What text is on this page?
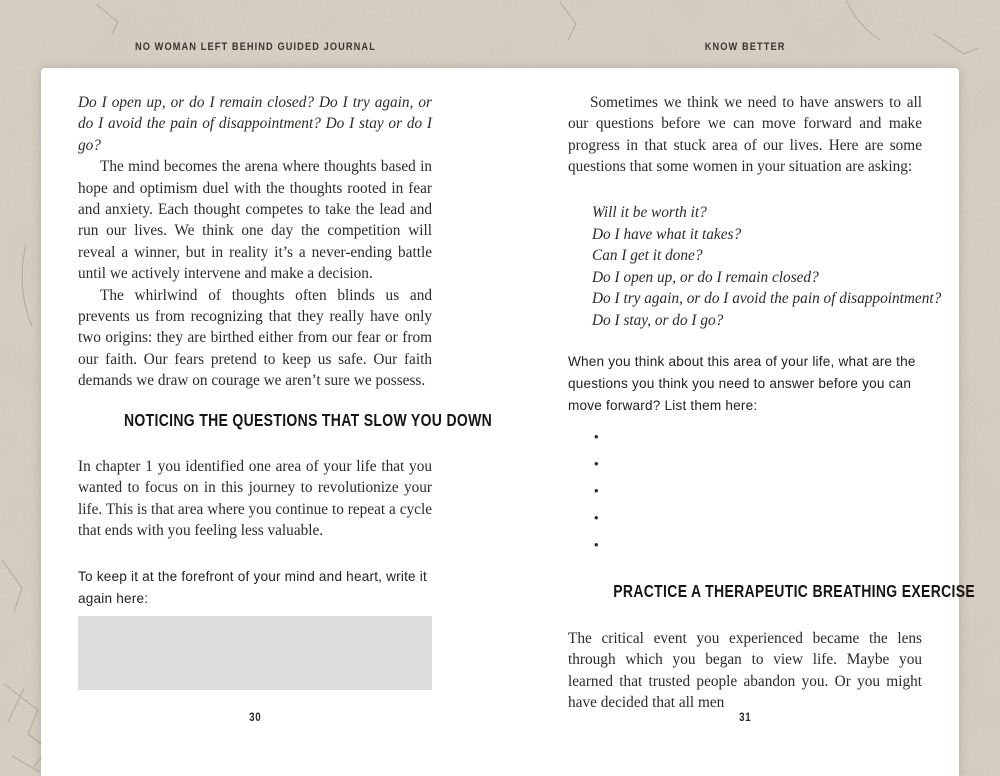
NO WOMAN LEFT BEHIND GUIDED JOURNAL	KNOW BETTER

Do I open up, or do I remain closed? Do I try again, or do I avoid the pain of disappointment? Do I stay or do I go?

The mind becomes the arena where thoughts based in hope and optimism duel with the thoughts rooted in fear and anxiety. Each thought competes to take the lead and run our lives. We think one day the competition will reveal a winner, but in reality it’s a never-ending battle until we actively intervene and make a decision.

The whirlwind of thoughts often blinds us and prevents us from recognizing that they really have only two origins: they are birthed either from our fear or from our faith. Our fears pretend to keep us safe. Our faith demands we draw on courage we aren’t sure we possess.

NOTICING THE QUESTIONS THAT SLOW YOU DOWN

In chapter 1 you identified one area of your life that you wanted to focus on in this journey to revolutionize your life. This is that area where you continue to repeat a cycle that ends with you feeling less valuable.

To keep it at the forefront of your mind and heart, write it again here:
30

Sometimes we think we need to have answers to all our questions before we can move forward and make progress in that stuck area of our lives. Here are some questions that some women in your situation are asking:

Will it be worth it?
Do I have what it takes?
Can I get it done?
Do I open up, or do I remain closed?
Do I try again, or do I avoid the pain of disappointment?
Do I stay, or do I go?
When you think about this area of your life, what are the questions you think you need to answer before you can move forward? List them here:
•
•
•
•
•
PRACTICE A THERAPEUTIC BREATHING EXERCISE

The critical event you experienced became the lens through which you began to view life. Maybe you learned that trusted people abandon you. Or you might have decided that all men

31
